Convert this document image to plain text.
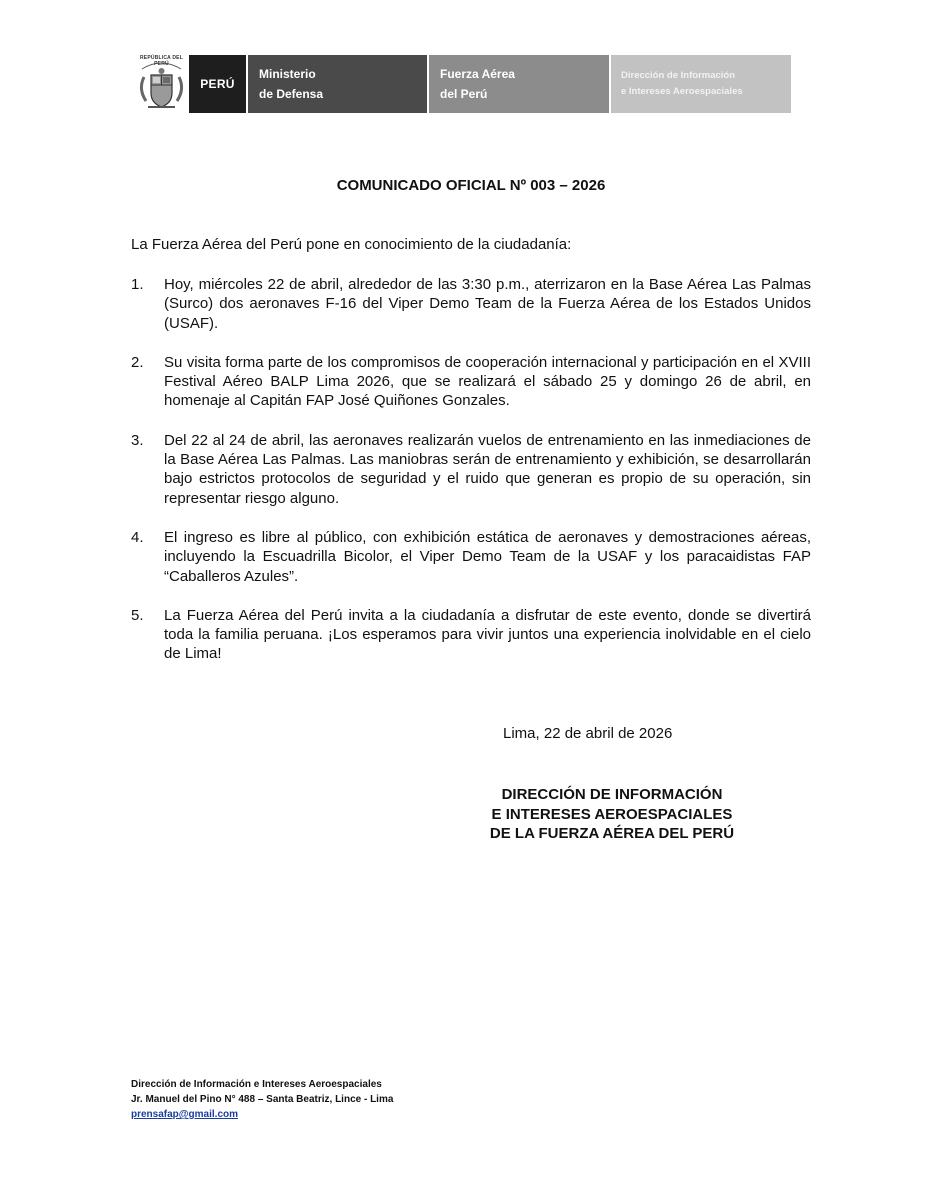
REPÚBLICA DEL PERÚ
PERÚ
Ministerio
de Defensa
Fuerza Aérea
del Perú
Dirección de Información
e Intereses Aeroespaciales
COMUNICADO OFICIAL Nº 003 – 2026
La Fuerza Aérea del Perú pone en conocimiento de la ciudadanía:
1.	Hoy, miércoles 22 de abril, alrededor de las 3:30 p.m., aterrizaron en la Base Aérea Las Palmas (Surco) dos aeronaves F-16 del Viper Demo Team de la Fuerza Aérea de los Estados Unidos (USAF).
2.	Su visita forma parte de los compromisos de cooperación internacional y participación en el XVIII Festival Aéreo BALP Lima 2026, que se realizará el sábado 25 y domingo 26 de abril, en homenaje al Capitán FAP José Quiñones Gonzales.
3.	Del 22 al 24 de abril, las aeronaves realizarán vuelos de entrenamiento en las inmediaciones de la Base Aérea Las Palmas. Las maniobras serán de entrenamiento y exhibición, se desarrollarán bajo estrictos protocolos de seguridad y el ruido que generan es propio de su operación, sin representar riesgo alguno.
4.	El ingreso es libre al público, con exhibición estática de aeronaves y demostraciones aéreas, incluyendo la Escuadrilla Bicolor, el Viper Demo Team de la USAF y los paracaidistas FAP “Caballeros Azules”.
5.	La Fuerza Aérea del Perú invita a la ciudadanía a disfrutar de este evento, donde se divertirá toda la familia peruana. ¡Los esperamos para vivir juntos una experiencia inolvidable en el cielo de Lima!
Lima, 22 de abril de 2026
DIRECCIÓN DE INFORMACIÓN
E INTERESES AEROESPACIALES
DE LA FUERZA AÉREA DEL PERÚ
Dirección de Información e Intereses Aeroespaciales
Jr. Manuel del Pino N° 488 – Santa Beatriz, Lince - Lima
prensafap@gmail.com
